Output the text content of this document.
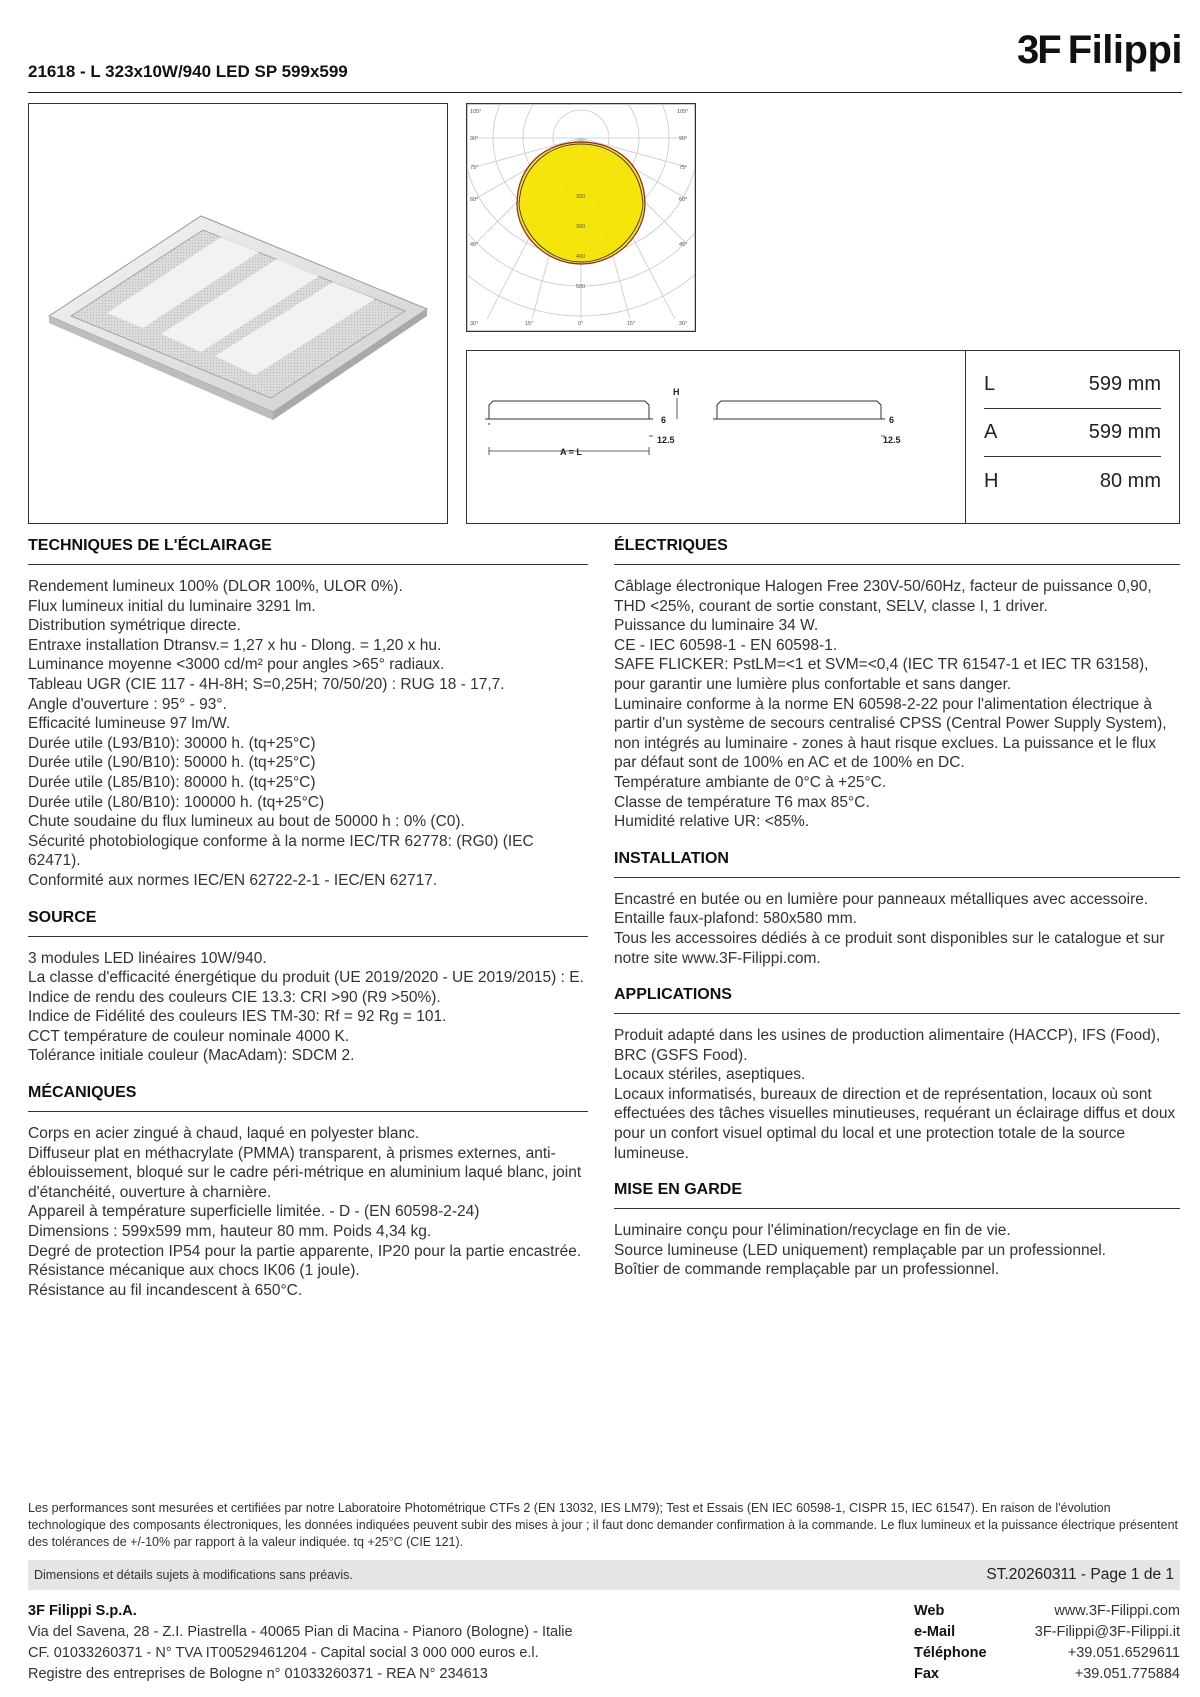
21618 - L 323x10W/940 LED SP 599x599	3F Filippi
105°
90°
75°
60°
45°
30°
105°
90°
75°
60°
45°
30°
15°	0°	15°
200
300
400
500
A = L
H
6
12.5
6
12.5
L	599 mm
A	599 mm
H	80 mm
TECHNIQUES DE L'ÉCLAIRAGE

Rendement lumineux 100% (DLOR 100%, ULOR 0%).

Flux lumineux initial du luminaire 3291 lm.

Distribution symétrique directe.

Entraxe installation Dtransv.= 1,27 x hu - Dlong. = 1,20 x hu.

Luminance moyenne <3000 cd/m² pour angles >65° radiaux.

Tableau UGR (CIE 117 - 4H-8H; S=0,25H; 70/50/20) : RUG 18 - 17,7.

Angle d'ouverture : 95° - 93°.

Efficacité lumineuse 97 lm/W.

Durée utile (L93/B10): 30000 h. (tq+25°C)

Durée utile (L90/B10): 50000 h. (tq+25°C)

Durée utile (L85/B10): 80000 h. (tq+25°C)

Durée utile (L80/B10): 100000 h. (tq+25°C)

Chute soudaine du flux lumineux au bout de 50000 h : 0% (C0).

Sécurité photobiologique conforme à la norme IEC/TR 62778: (RG0) (IEC 62471).

Conformité aux normes IEC/EN 62722-2-1 - IEC/EN 62717.

SOURCE

3 modules LED linéaires 10W/940.

La classe d'efficacité énergétique du produit (UE 2019/2020 - UE 2019/2015) : E.

Indice de rendu des couleurs CIE 13.3: CRI >90 (R9 >50%).

Indice de Fidélité des couleurs IES TM-30: Rf = 92 Rg = 101.

CCT température de couleur nominale 4000 K.

Tolérance initiale couleur (MacAdam): SDCM 2.

MÉCANIQUES

Corps en acier zingué à chaud, laqué en polyester blanc.

Diffuseur plat en méthacrylate (PMMA) transparent, à prismes externes, anti-éblouissement, bloqué sur le cadre péri-métrique en aluminium laqué blanc, joint d'étanchéité, ouverture à charnière.

Appareil à température superficielle limitée. - D - (EN 60598-2-24)

Dimensions : 599x599 mm, hauteur 80 mm. Poids 4,34 kg.

Degré de protection IP54 pour la partie apparente, IP20 pour la partie encastrée.

Résistance mécanique aux chocs IK06 (1 joule).

Résistance au fil incandescent à 650°C.

ÉLECTRIQUES

Câblage électronique Halogen Free 230V-50/60Hz, facteur de puissance 0,90, THD <25%, courant de sortie constant, SELV, classe I, 1 driver.

Puissance du luminaire 34 W.

CE - IEC 60598-1 - EN 60598-1.

SAFE FLICKER: PstLM=<1 et SVM=<0,4 (IEC TR 61547-1 et IEC TR 63158), pour garantir une lumière plus confortable et sans danger.

Luminaire conforme à la norme EN 60598-2-22 pour l'alimentation électrique à partir d'un système de secours centralisé CPSS (Central Power Supply System), non intégrés au luminaire - zones à haut risque exclues. La puissance et le flux par défaut sont de 100% en AC et de 100% en DC.

Température ambiante de 0°C à +25°C.

Classe de température T6 max 85°C.

Humidité relative UR: <85%.

INSTALLATION

Encastré en butée ou en lumière pour panneaux métalliques avec accessoire.

Entaille faux-plafond: 580x580 mm.

Tous les accessoires dédiés à ce produit sont disponibles sur le catalogue et sur notre site www.3F-Filippi.com.

APPLICATIONS

Produit adapté dans les usines de production alimentaire (HACCP), IFS (Food), BRC (GSFS Food).

Locaux stériles, aseptiques.

Locaux informatisés, bureaux de direction et de représentation, locaux où sont effectuées des tâches visuelles minutieuses, requérant un éclairage diffus et doux pour un confort visuel optimal du local et une protection totale de la source lumineuse.

MISE EN GARDE

Luminaire conçu pour l'élimination/recyclage en fin de vie.

Source lumineuse (LED uniquement) remplaçable par un professionnel.

Boîtier de commande remplaçable par un professionnel.

Les performances sont mesurées et certifiées par notre Laboratoire Photométrique CTFs 2 (EN 13032, IES LM79); Test et Essais (EN IEC 60598-1, CISPR 15, IEC 61547). En raison de l'évolution technologique des composants électroniques, les données indiquées peuvent subir des mises à jour ; il faut donc demander confirmation à la commande. Le flux lumineux et la puissance électrique présentent des tolérances de +/-10% par rapport à la valeur indiquée. tq +25°C (CIE 121).
Dimensions et détails sujets à modifications sans préavis.	ST.20260311 - Page 1 de 1
3F Filippi S.p.A.
Via del Savena, 28 - Z.I. Piastrella - 40065 Pian di Macina - Pianoro (Bologne) - Italie
CF. 01033260371 - N° TVA IT00529461204 - Capital social 3 000 000 euros e.l.
Registre des entreprises de Bologne n° 01033260371 - REA N° 234613
Web	www.3F-Filippi.com
e-Mail	3F-Filippi@3F-Filippi.it
Téléphone	+39.051.6529611
Fax	+39.051.775884
